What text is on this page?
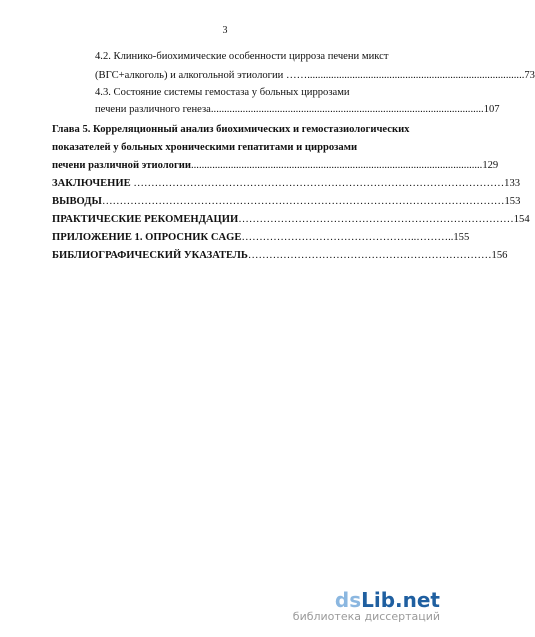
3
4.2. Клинико-биохимические особенности цирроза печени микст
(ВГС+алкоголь) и алкогольной этиологии …….................................................................................. 73
4.3. Состояние системы гемостаза у больных циррозами
печени различного генеза ....................................................................................................... 107
Глава 5. Корреляционный анализ биохимических и гемостазиологических
показателей у больных хроническими гепатитами и циррозами
печени различной этиологии .............................................................................................................. 129
ЗАКЛЮЧЕНИЕ …………………………………………………………………………………………… 133
ВЫВОДЫ …………………………………………………………………………………………………… 153
ПРАКТИЧЕСКИЕ РЕКОМЕНДАЦИИ …………………………………………………………………… 154
ПРИЛОЖЕНИЕ 1. ОПРОСНИК CAGE …………………………………………..……….. 155
БИБЛИОГРАФИЧЕСКИЙ УКАЗАТЕЛЬ …………………………………………………………… 156
dsLib.net
библиотека диссертаций
